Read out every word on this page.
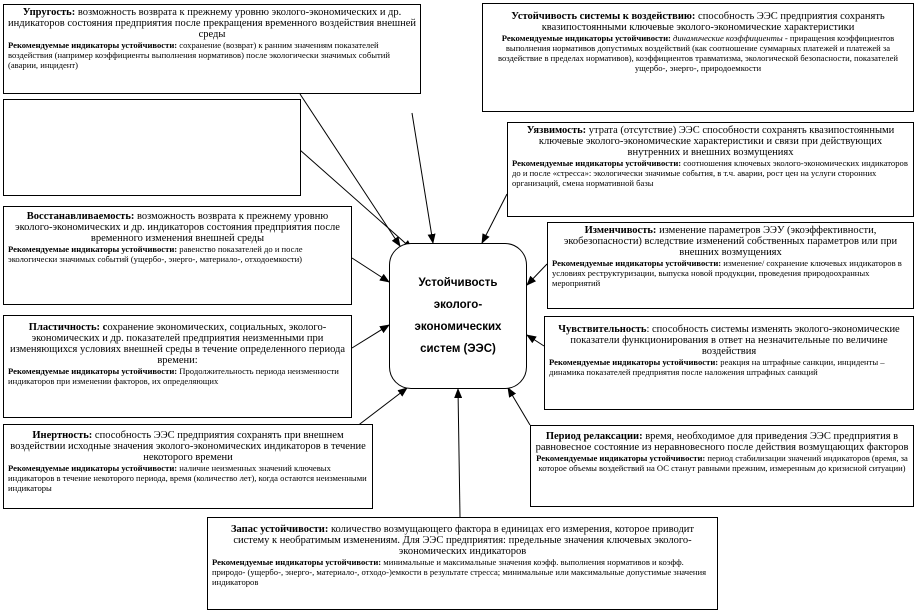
Упругость: возможность возврата к прежнему уровню эколого-экономических и др. индикаторов состояния предприятия после прекращения временного воздействия внешней среды
Рекомендуемые индикаторы устойчивости: сохранение (возврат) к ранним значениям показателей воздействия (например коэффициенты выполнения нормативов) после экологически значимых событий (аварии, инцидент)
Устойчивость системы к воздействию: способность ЭЭС предприятия сохранять квазипостоянными ключевые эколого-экономические характеристики
Рекомендуемые индикаторы устойчивости: динамические коэффициенты - приращения коэффициентов выполнения нормативов допустимых воздействий (как соотношение суммарных платежей и платежей за воздействие в пределах нормативов), коэффициентов травматизма, экологической безопасности, показателей ущербо-, энерго-, природоемкости
Уязвимость: утрата (отсутствие) ЭЭС способности сохранять квазипостоянными ключевые эколого-экономические характеристики и связи при действующих внутренних и внешних возмущениях
Рекомендуемые индикаторы устойчивости: соотношения ключевых эколого-экономических индикаторов до и после «стресса»: экологически значимые события, в т.ч. аварии, рост цен на услуги сторонних организаций, смена нормативной базы
Восстанавливаемость: возможность возврата к прежнему уровню эколого-экономических и др. индикаторов состояния предприятия после временного изменения внешней среды
Рекомендуемые индикаторы устойчивости: равенство показателей до и после экологически значимых событий (ущербо-, энерго-, материало-, отходоемкости)
Изменчивость: изменение параметров ЭЭУ (экоэффективности, экобезопасности) вследствие изменений собственных параметров или при внешних возмущениях
Рекомендуемые индикаторы устойчивости: изменение/ сохранение ключевых индикаторов в условиях реструктуризации, выпуска новой продукции, проведения природоохранных мероприятий
Устойчивость
эколого-
экономических
систем (ЭЭС)
Пластичность: сохранение экономических, социальных, эколого-экономических и др. показателей предприятия неизменными при изменяющихся условиях внешней среды в течение определенного периода времени:
Рекомендуемые индикаторы устойчивости: Продолжительность периода неизменности индикаторов при изменении факторов, их определяющих
Чувствительность: способность системы изменять эколого-экономические показатели функционирования в ответ на незначительные по величине воздействия
Рекомендуемые индикаторы устойчивости: реакция на штрафные санкции, инциденты – динамика показателей предприятия после наложения штрафных санкций
Инертность: способность ЭЭС предприятия сохранять при внешнем воздействии исходные значения эколого-экономических индикаторов в течение некоторого времени
Рекомендуемые индикаторы устойчивости: наличие неизменных значений ключевых индикаторов в течение некоторого периода, время (количество лет), когда остаются неизменными индикаторы
Период релаксации: время, необходимое для приведения ЭЭС предприятия в равновесное состояние из неравновесного после действия возмущающих факторов
Рекомендуемые индикаторы устойчивости: период стабилизации значений индикаторов (время, за которое объемы воздействий на ОС станут равными прежним, измеренным до кризисной ситуации)
Запас устойчивости: количество возмущающего фактора в единицах его измерения, которое приводит систему к необратимым изменениям. Для ЭЭС предприятия: предельные значения ключевых эколого-экономических индикаторов
Рекомендуемые индикаторы устойчивости: минимальные и максимальные значения коэфф. выполнения нормативов и коэфф. природо- (ущербо-, энерго-, материало-, отходо-)емкости в результате стресса; минимальные или максимальные допустимые значения индикаторов
